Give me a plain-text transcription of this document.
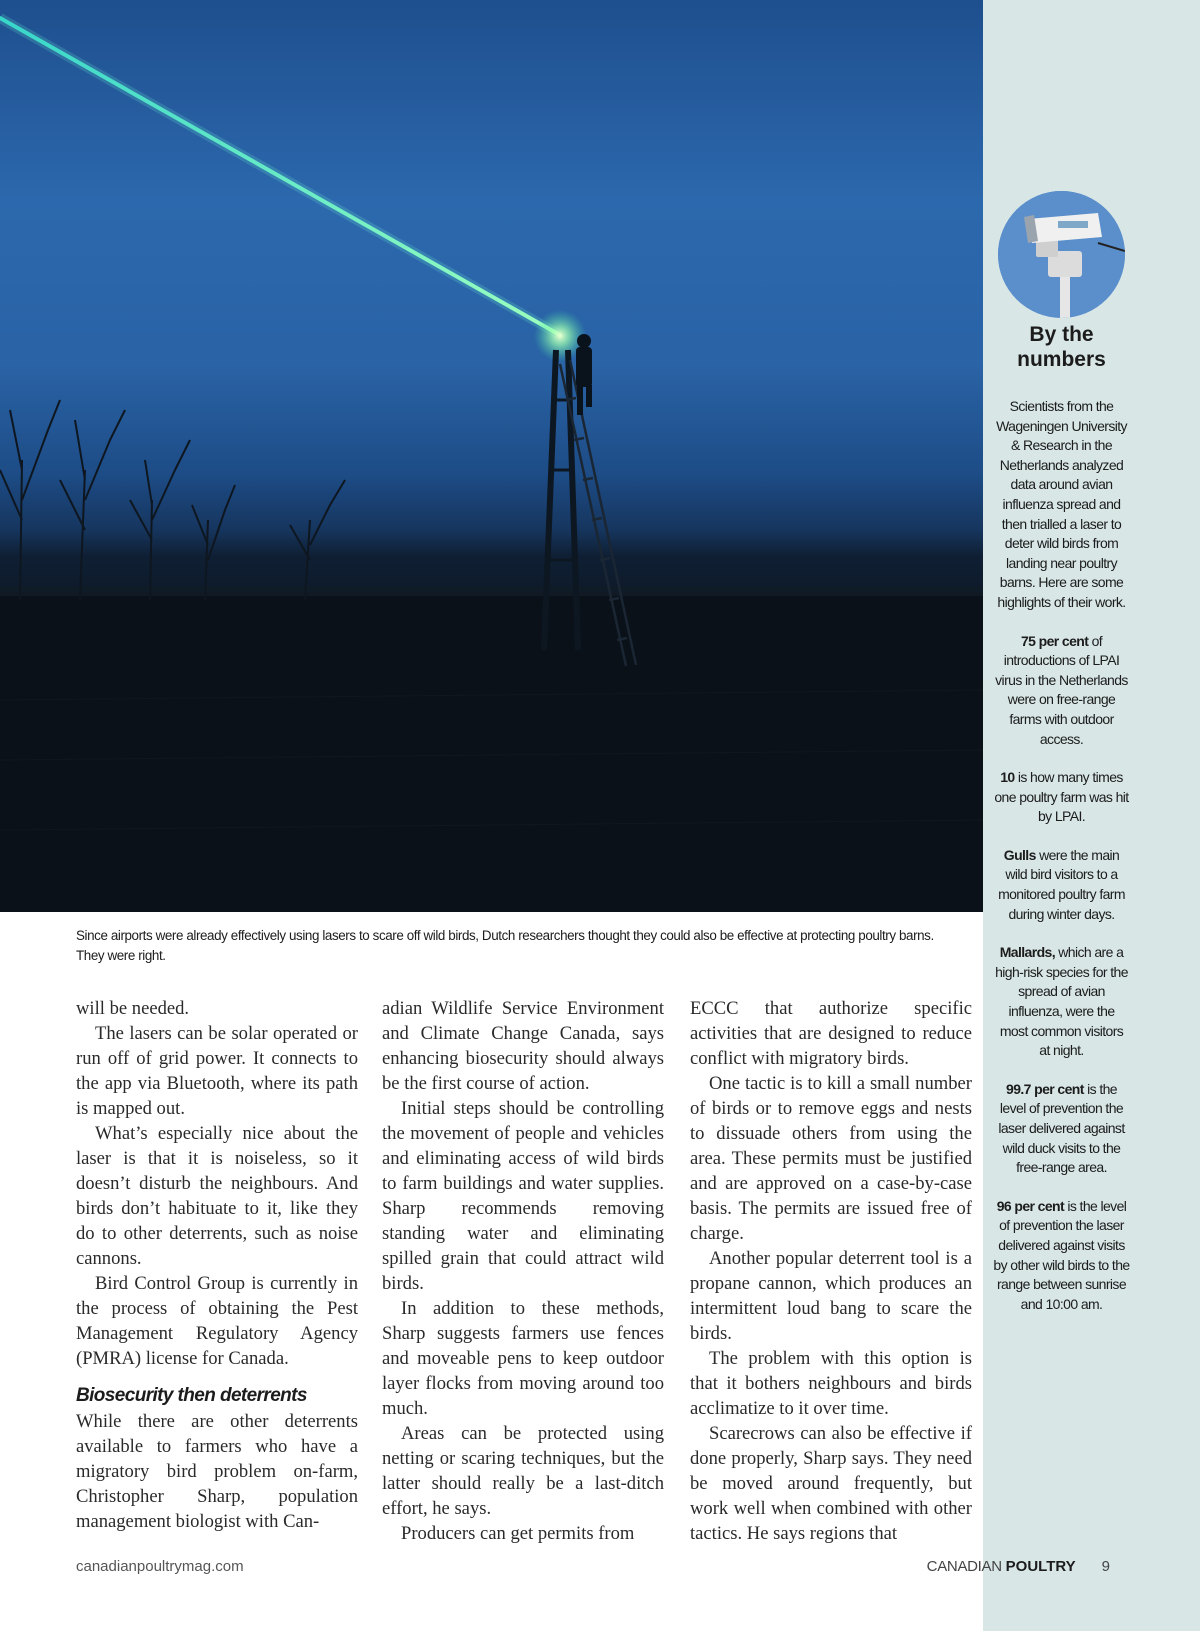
By the
numbers

Scientists from the Wageningen University & Research in the Netherlands analyzed data around avian influenza spread and then trialled a laser to deter wild birds from landing near poultry barns. Here are some highlights of their work.

75 per cent of introductions of LPAI virus in the Netherlands were on free-range farms with outdoor access.

10 is how many times one poultry farm was hit by LPAI.

Gulls were the main wild bird visitors to a monitored poultry farm during winter days.

Mallards, which are a high-risk species for the spread of avian influenza, were the most common visitors at night.

99.7 per cent is the level of prevention the laser delivered against wild duck visits to the free-range area.

96 per cent is the level of prevention the laser delivered against visits by other wild birds to the range between sunrise and 10:00 am.

Since airports were already effectively using lasers to scare off wild birds, Dutch researchers thought they could also be effective at protecting poultry barns. They were right.

will be needed.

The lasers can be solar operated or run off of grid power. It connects to the app via Bluetooth, where its path is mapped out.

What’s especially nice about the laser is that it is noiseless, so it doesn’t disturb the neighbours. And birds don’t habituate to it, like they do to other deterrents, such as noise cannons.

Bird Control Group is currently in the process of obtaining the Pest Management Regulatory Agency (PMRA) license for Canada.

Biosecurity then deterrents

While there are other deterrents available to farmers who have a migratory bird problem on-farm, Christopher Sharp, population management biologist with Can-

adian Wildlife Service Environment and Climate Change Canada, says enhancing biosecurity should always be the first course of action.

Initial steps should be controlling the movement of people and vehicles and eliminating access of wild birds to farm buildings and water supplies. Sharp recommends removing standing water and eliminating spilled grain that could attract wild birds.

In addition to these methods, Sharp suggests farmers use fences and moveable pens to keep outdoor layer flocks from moving around too much.

Areas can be protected using netting or scaring techniques, but the latter should really be a last-ditch effort, he says.

Producers can get permits from

ECCC that authorize specific activities that are designed to reduce conflict with migratory birds.

One tactic is to kill a small number of birds or to remove eggs and nests to dissuade others from using the area. These permits must be justified and are approved on a case-by-case basis. The permits are issued free of charge.

Another popular deterrent tool is a propane cannon, which produces an intermittent loud bang to scare the birds.

The problem with this option is that it bothers neighbours and birds acclimatize to it over time.

Scarecrows can also be effective if done properly, Sharp says. They need be moved around frequently, but work well when combined with other tactics. He says regions that

canadianpoultrymag.com	CANADIAN POULTRY 9
